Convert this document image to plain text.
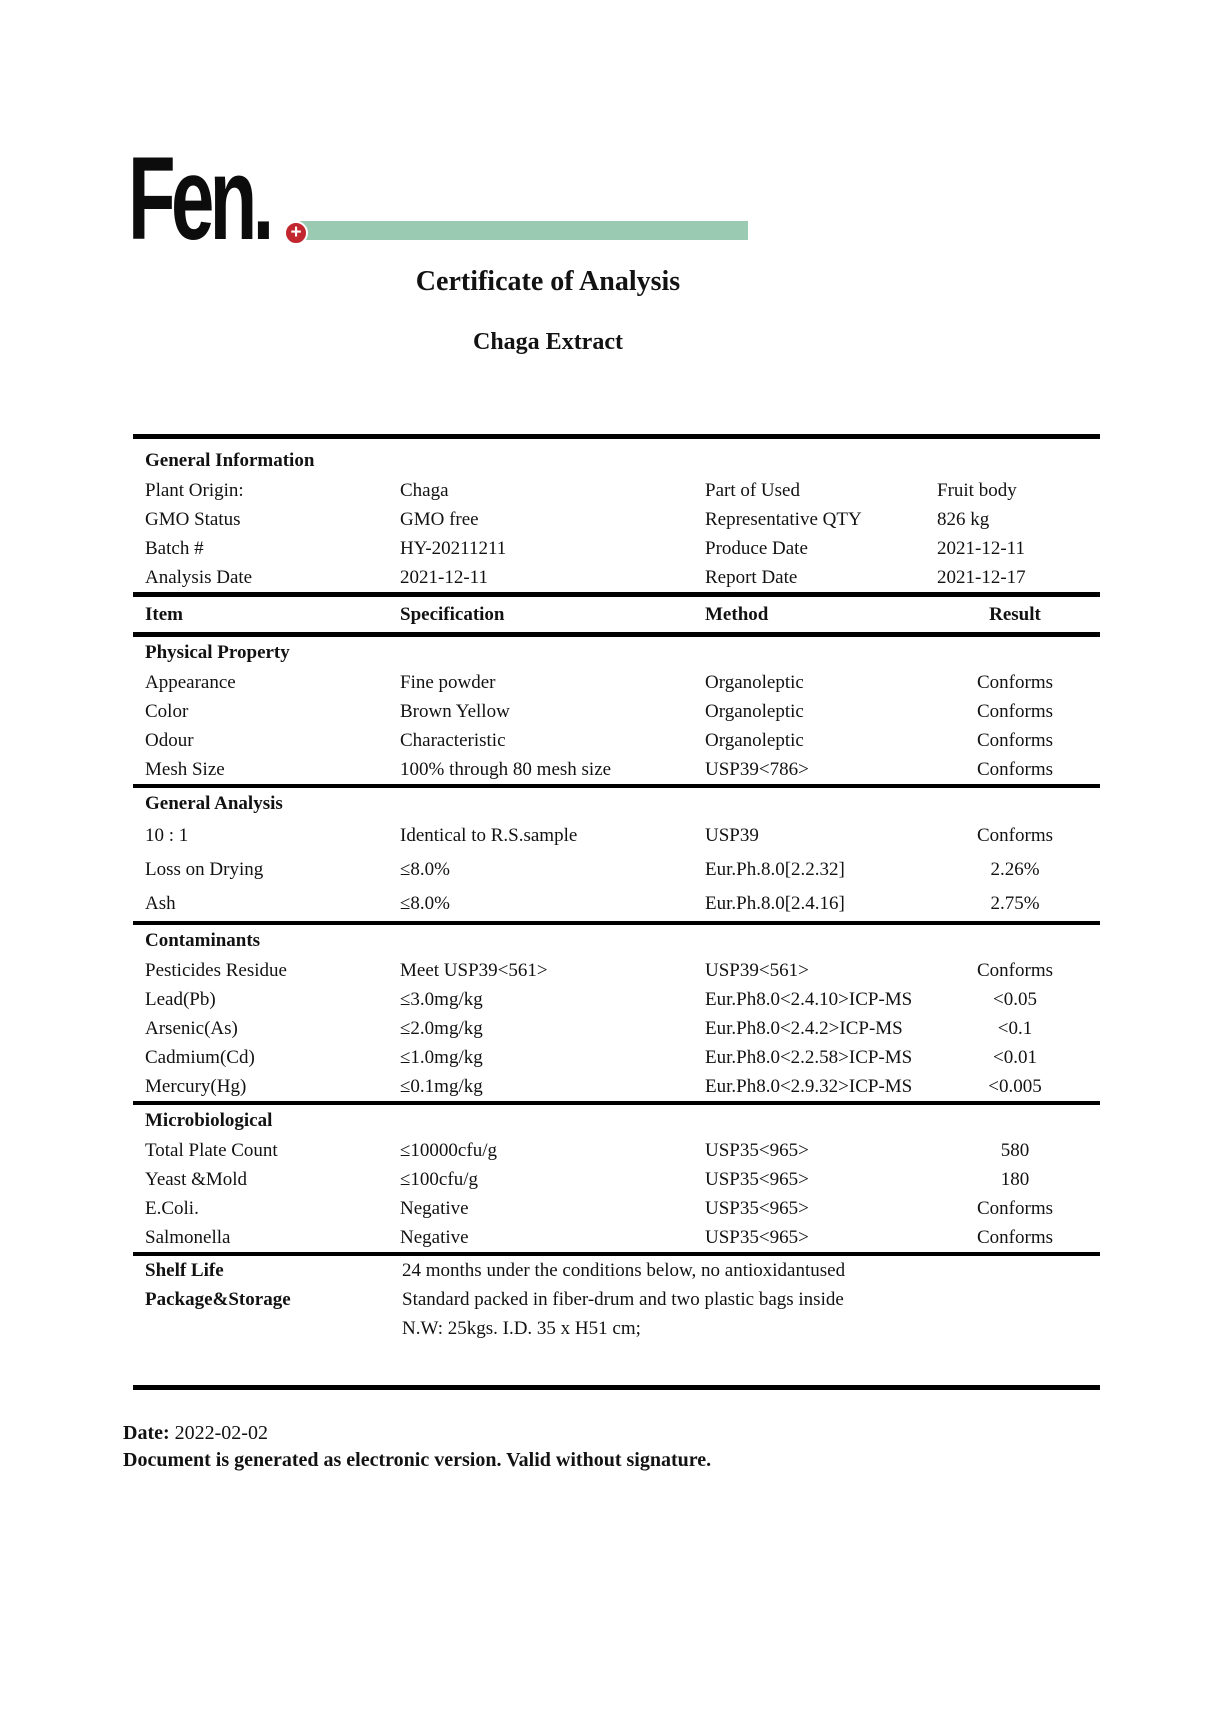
Fen.	+
Certificate of Analysis
Chaga Extract
General Information
Plant Origin:	Chaga	Part of Used	Fruit body
GMO Status	GMO free	Representative QTY	826 kg
Batch #	HY-20211211	Produce Date	2021-12-11
Analysis Date	2021-12-11	Report Date	2021-12-17
Item	Specification	Method	Result
Physical Property
Appearance	Fine powder	Organoleptic	Conforms
Color	Brown Yellow	Organoleptic	Conforms
Odour	Characteristic	Organoleptic	Conforms
Mesh Size	100% through 80 mesh size	USP39<786>	Conforms
General Analysis
10 : 1	Identical to R.S.sample	USP39	Conforms
Loss on Drying	≤8.0%	Eur.Ph.8.0[2.2.32]	2.26%
Ash	≤8.0%	Eur.Ph.8.0[2.4.16]	2.75%
Contaminants
Pesticides Residue	Meet USP39<561>	USP39<561>	Conforms
Lead(Pb)	≤3.0mg/kg	Eur.Ph8.0<2.4.10>ICP-MS	<0.05
Arsenic(As)	≤2.0mg/kg	Eur.Ph8.0<2.4.2>ICP-MS	<0.1
Cadmium(Cd)	≤1.0mg/kg	Eur.Ph8.0<2.2.58>ICP-MS	<0.01
Mercury(Hg)	≤0.1mg/kg	Eur.Ph8.0<2.9.32>ICP-MS	<0.005
Microbiological
Total Plate Count	≤10000cfu/g	USP35<965>	580
Yeast &Mold	≤100cfu/g	USP35<965>	180
E.Coli.	Negative	USP35<965>	Conforms
Salmonella	Negative	USP35<965>	Conforms
Shelf Life	24 months under the conditions below, no antioxidantused
Package&Storage	Standard packed in fiber-drum and two plastic bags inside
N.W: 25kgs. I.D. 35 x H51 cm;
Date: 2022-02-02
Document is generated as electronic version. Valid without signature.
